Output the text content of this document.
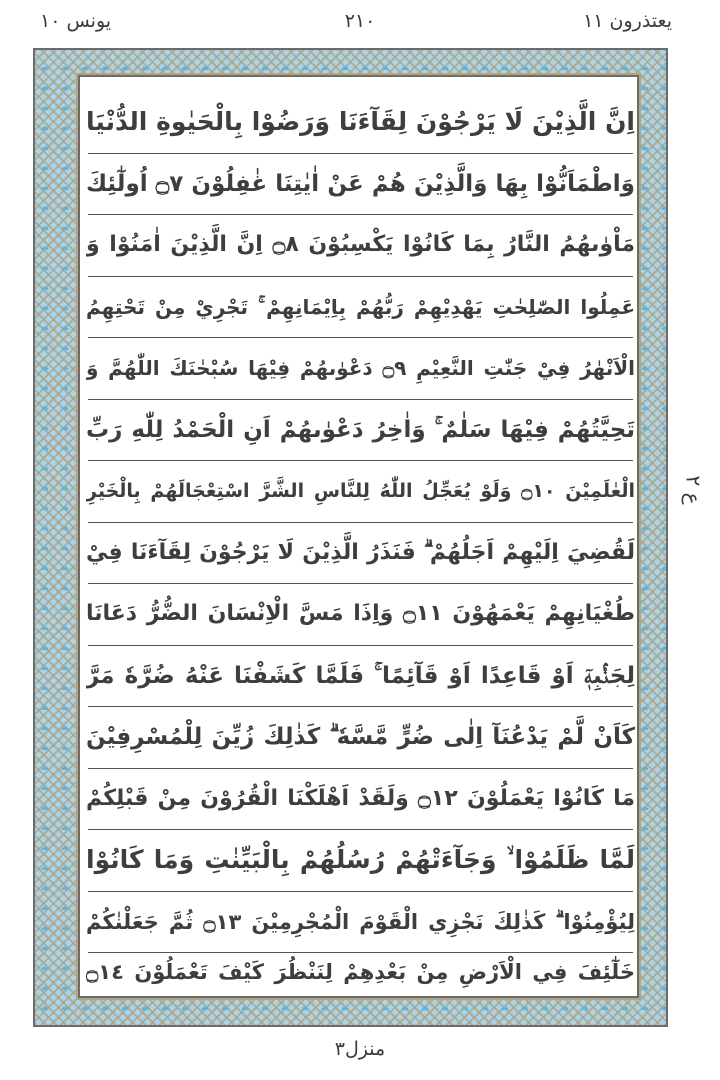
يعتذرون ١١
٢١٠
يونس ١٠
اِنَّ الَّذِيْنَ لَا يَرْجُوْنَ لِقَآءَنَا وَرَضُوْا بِالْحَيٰوةِ الدُّنْيَا
وَاطْمَاَنُّوْا بِهَا وَالَّذِيْنَ هُمْ عَنْ اٰيٰتِنَا غٰفِلُوْنَ ۝٧ اُولٰٓئِكَ
مَاْوٰىهُمُ النَّارُ بِمَا كَانُوْا يَكْسِبُوْنَ ۝٨ اِنَّ الَّذِيْنَ اٰمَنُوْا وَ
عَمِلُوا الصّٰلِحٰتِ يَهْدِيْهِمْ رَبُّهُمْ بِاِيْمَانِهِمْ ۚ تَجْرِيْ مِنْ تَحْتِهِمُ
الْاَنْهٰرُ فِيْ جَنّٰتِ النَّعِيْمِ ۝٩ دَعْوٰىهُمْ فِيْهَا سُبْحٰنَكَ اللّٰهُمَّ وَ
تَحِيَّتُهُمْ فِيْهَا سَلٰمٌ ۚ وَاٰخِرُ دَعْوٰىهُمْ اَنِ الْحَمْدُ لِلّٰهِ رَبِّ
الْعٰلَمِيْنَ ۝١٠ وَلَوْ يُعَجِّلُ اللّٰهُ لِلنَّاسِ الشَّرَّ اسْتِعْجَالَهُمْ بِالْخَيْرِ
لَقُضِيَ اِلَيْهِمْ اَجَلُهُمْ ۗ فَنَذَرُ الَّذِيْنَ لَا يَرْجُوْنَ لِقَآءَنَا فِيْ
طُغْيَانِهِمْ يَعْمَهُوْنَ ۝١١ وَاِذَا مَسَّ الْاِنْسَانَ الضُّرُّ دَعَانَا
لِجَنْۢبِهٖٓ اَوْ قَاعِدًا اَوْ قَآئِمًا ۚ فَلَمَّا كَشَفْنَا عَنْهُ ضُرَّهٗ مَرَّ
كَاَنْ لَّمْ يَدْعُنَآ اِلٰى ضُرٍّ مَّسَّهٗ ۗ كَذٰلِكَ زُيِّنَ لِلْمُسْرِفِيْنَ
مَا كَانُوْا يَعْمَلُوْنَ ۝١٢ وَلَقَدْ اَهْلَكْنَا الْقُرُوْنَ مِنْ قَبْلِكُمْ
لَمَّا ظَلَمُوْا ۙ وَجَآءَتْهُمْ رُسُلُهُمْ بِالْبَيِّنٰتِ وَمَا كَانُوْا
لِيُؤْمِنُوْا ۗ كَذٰلِكَ نَجْزِي الْقَوْمَ الْمُجْرِمِيْنَ ۝١٣ ثُمَّ جَعَلْنٰكُمْ
خَلٰٓئِفَ فِي الْاَرْضِ مِنْ بَعْدِهِمْ لِنَنْظُرَ كَيْفَ تَعْمَلُوْنَ ۝١٤
ع ٢
منزل٣
